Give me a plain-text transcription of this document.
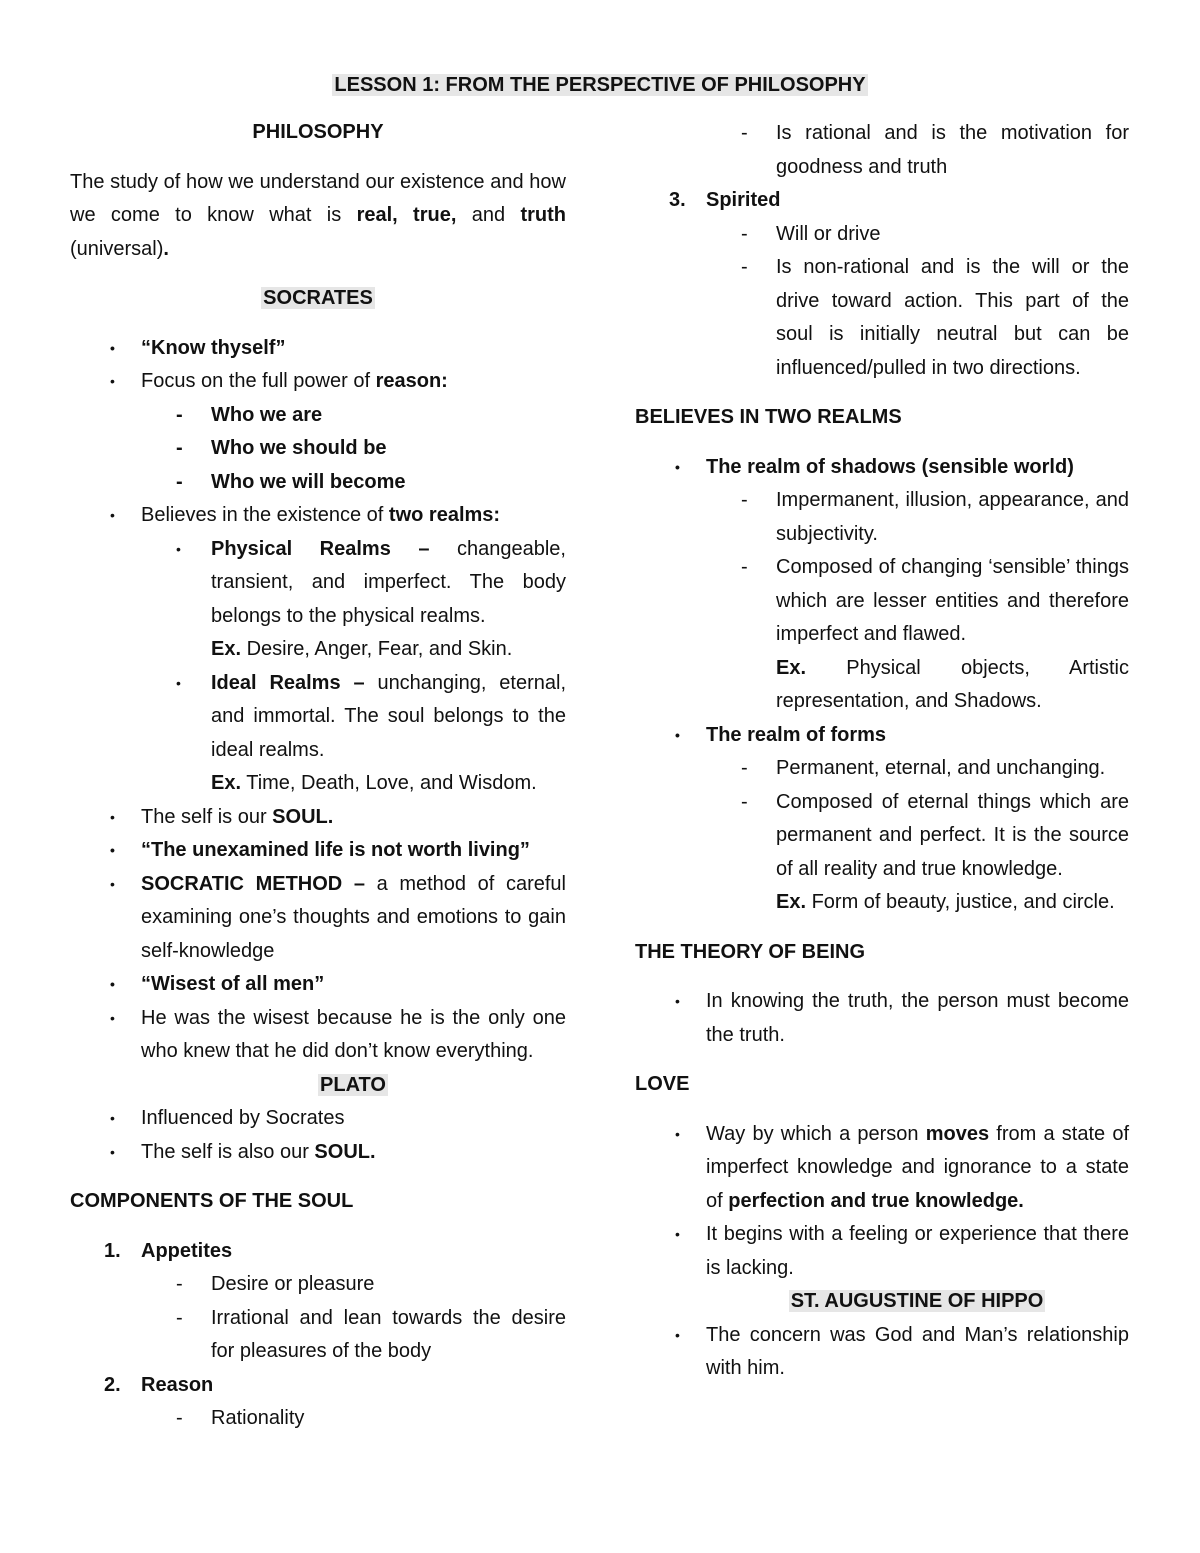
LESSON 1: FROM THE PERSPECTIVE OF PHILOSOPHY

PHILOSOPHY

The study of how we understand our existence and how we come to know what is real, true, and truth (universal).

SOCRATES

• “Know thyself”
• Focus on the full power of reason:
- Who we are
- Who we should be
- Who we will become
• Believes in the existence of two realms:
• Physical Realms – changeable, transient, and imperfect. The body belongs to the physical realms.
Ex. Desire, Anger, Fear, and Skin.
• Ideal Realms – unchanging, eternal, and immortal. The soul belongs to the ideal realms.
Ex. Time, Death, Love, and Wisdom.
• The self is our SOUL.
• “The unexamined life is not worth living”
• SOCRATIC METHOD – a method of careful examining one’s thoughts and emotions to gain self-knowledge
• “Wisest of all men”
• He was the wisest because he is the only one who knew that he did don’t know everything.

PLATO

• Influenced by Socrates
• The self is also our SOUL.

COMPONENTS OF THE SOUL

1. Appetites
- Desire or pleasure
- Irrational and lean towards the desire for pleasures of the body
2. Reason
- Rationality
- Is rational and is the motivation for goodness and truth
3. Spirited
- Will or drive
- Is non-rational and is the will or the drive toward action. This part of the soul is initially neutral but can be influenced/pulled in two directions.

BELIEVES IN TWO REALMS

• The realm of shadows (sensible world)
- Impermanent, illusion, appearance, and subjectivity.
- Composed of changing ‘sensible’ things which are lesser entities and therefore imperfect and flawed.
Ex. Physical objects, Artistic representation, and Shadows.
• The realm of forms
- Permanent, eternal, and unchanging.
- Composed of eternal things which are permanent and perfect. It is the source of all reality and true knowledge.
Ex. Form of beauty, justice, and circle.

THE THEORY OF BEING

• In knowing the truth, the person must become the truth.

LOVE

• Way by which a person moves from a state of imperfect knowledge and ignorance to a state of perfection and true knowledge.
• It begins with a feeling or experience that there is lacking.

ST. AUGUSTINE OF HIPPO

• The concern was God and Man’s relationship with him.
